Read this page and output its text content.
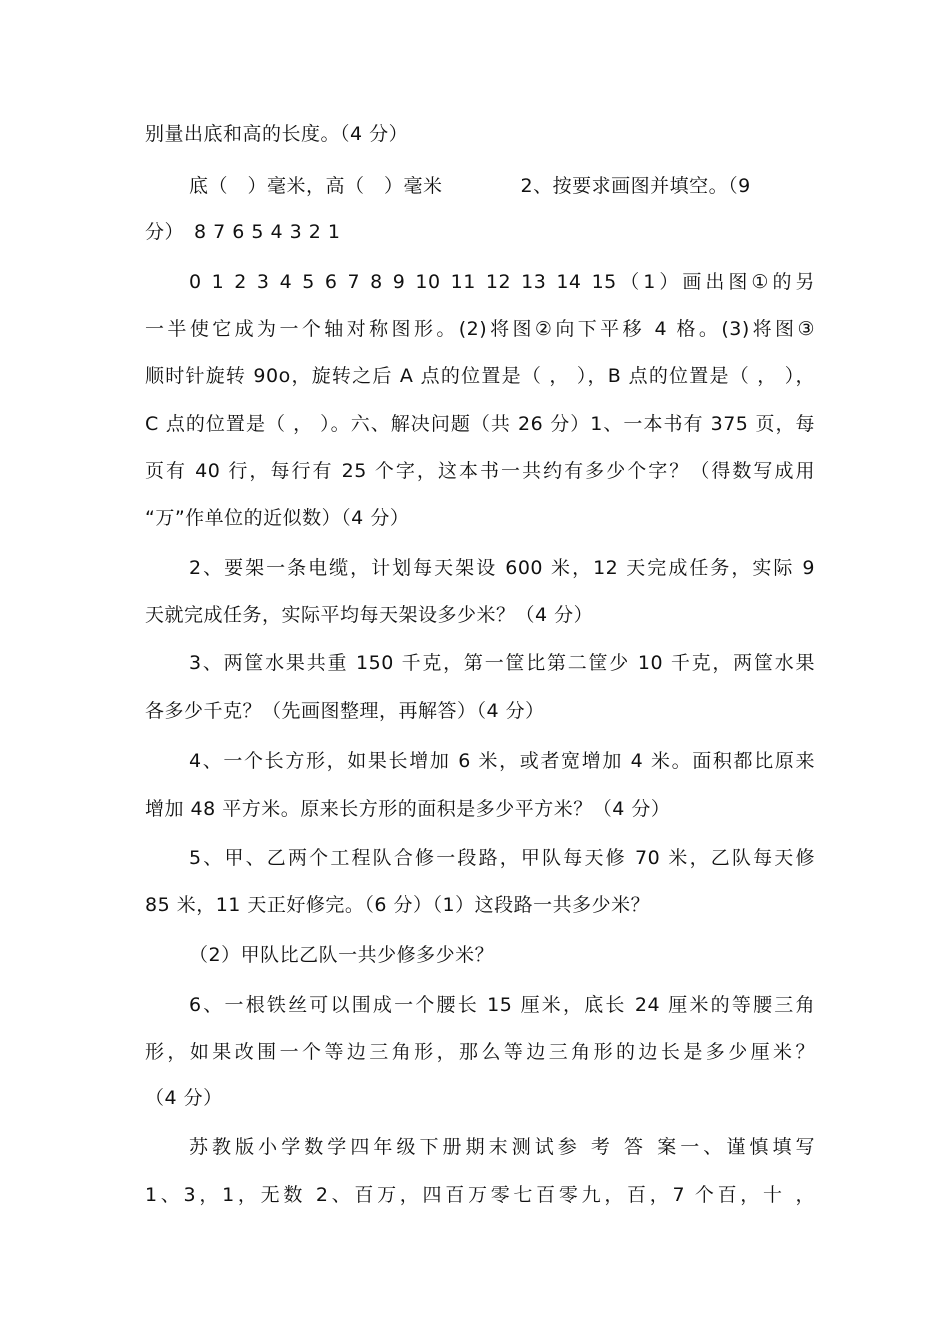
别量出底和高的长度。（4 分）
底（　）毫米，高（　）毫米　　　　2、按要求画图并填空。（9
分）　8 7 6 5 4 3 2 1
0 1 2 3 4 5 6 7 8 9 10 11 12 13 14 15（1）画出图①的另
一半使它成为一个轴对称图形。(2)将图②向下平移 4 格。(3)将图③
顺时针旋转 90o，旋转之后 A 点的位置是（ ， ），B 点的位置是（ ， ），
C 点的位置是（ ， ）。六、解决问题（共 26 分）1、一本书有 375 页，每
页有 40 行，每行有 25 个字，这本书一共约有多少个字？（得数写成用
“万”作单位的近似数）（4 分）
2、要架一条电缆，计划每天架设 600 米，12 天完成任务，实际 9
天就完成任务，实际平均每天架设多少米？（4 分）
3、两筐水果共重 150 千克，第一筐比第二筐少 10 千克，两筐水果
各多少千克？（先画图整理，再解答）（4 分）
4、一个长方形，如果长增加 6 米，或者宽增加 4 米。面积都比原来
增加 48 平方米。原来长方形的面积是多少平方米？（4 分）
5、甲、乙两个工程队合修一段路，甲队每天修 70 米，乙队每天修
85 米，11 天正好修完。（6 分）（1）这段路一共多少米？
（2）甲队比乙队一共少修多少米？
6、一根铁丝可以围成一个腰长 15 厘米，底长 24 厘米的等腰三角
形，如果改围一个等边三角形，那么等边三角形的边长是多少厘米？
（4 分）
苏教版小学数学四年级下册期末测试参 考 答 案一、谨慎填写
1、3，1，无数 2、百万，四百万零七百零九，百，7 个百，十 ，
